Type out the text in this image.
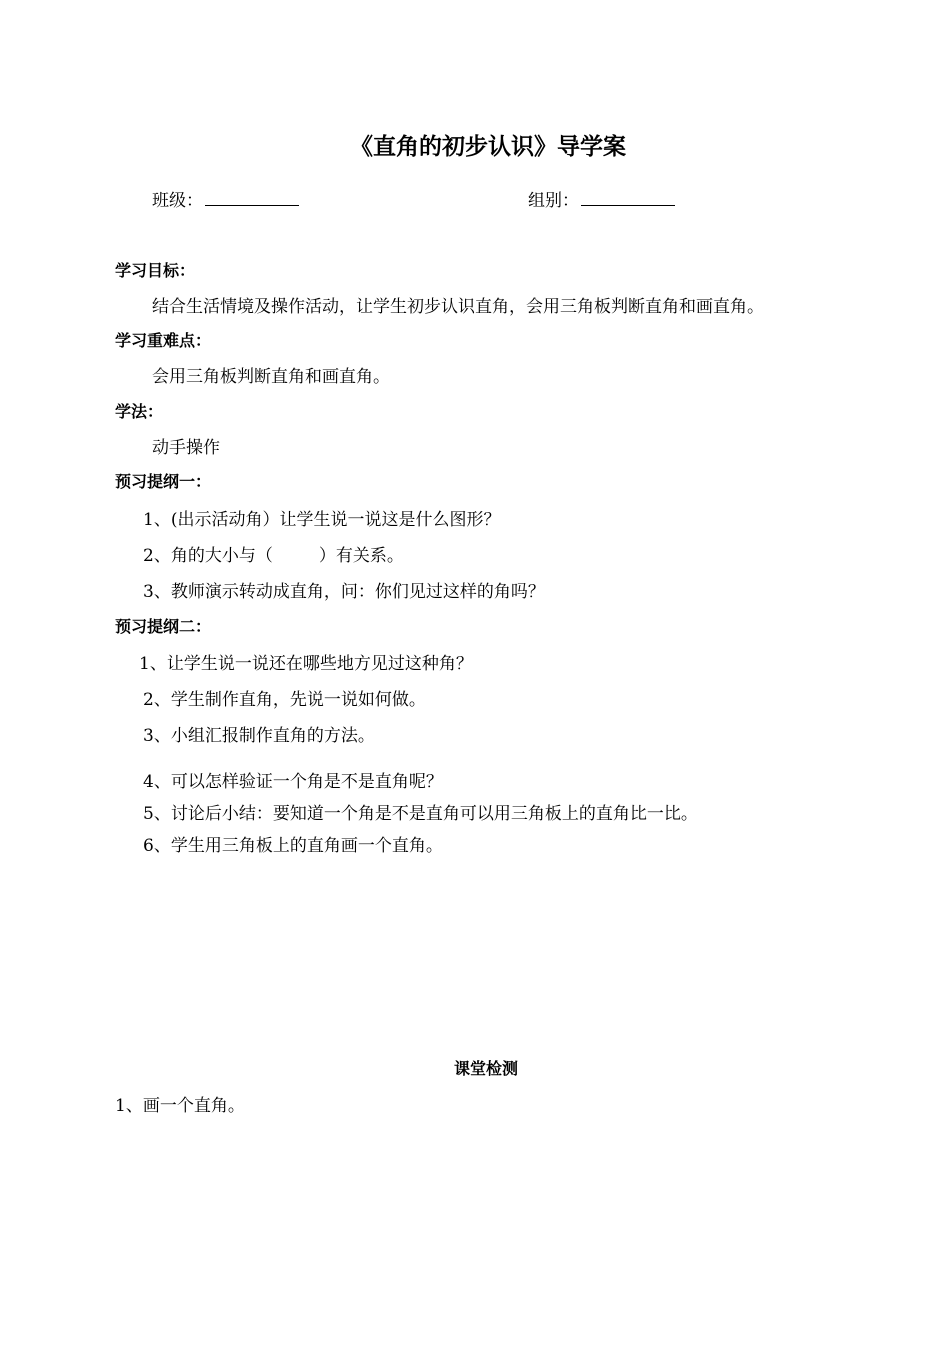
《直角的初步认识》导学案
班级：	组别：
学习目标：
结合生活情境及操作活动，让学生初步认识直角，会用三角板判断直角和画直角。
学习重难点：
会用三角板判断直角和画直角。
学法：
动手操作
预习提纲一：
1、(出示活动角）让学生说一说这是什么图形？
2、角的大小与（	）有关系。
3、教师演示转动成直角，问：你们见过这样的角吗？
预习提纲二：
1、让学生说一说还在哪些地方见过这种角？
2、学生制作直角，先说一说如何做。
3、小组汇报制作直角的方法。
4、可以怎样验证一个角是不是直角呢？
5、讨论后小结：要知道一个角是不是直角可以用三角板上的直角比一比。
6、学生用三角板上的直角画一个直角。
课堂检测
1、画一个直角。
